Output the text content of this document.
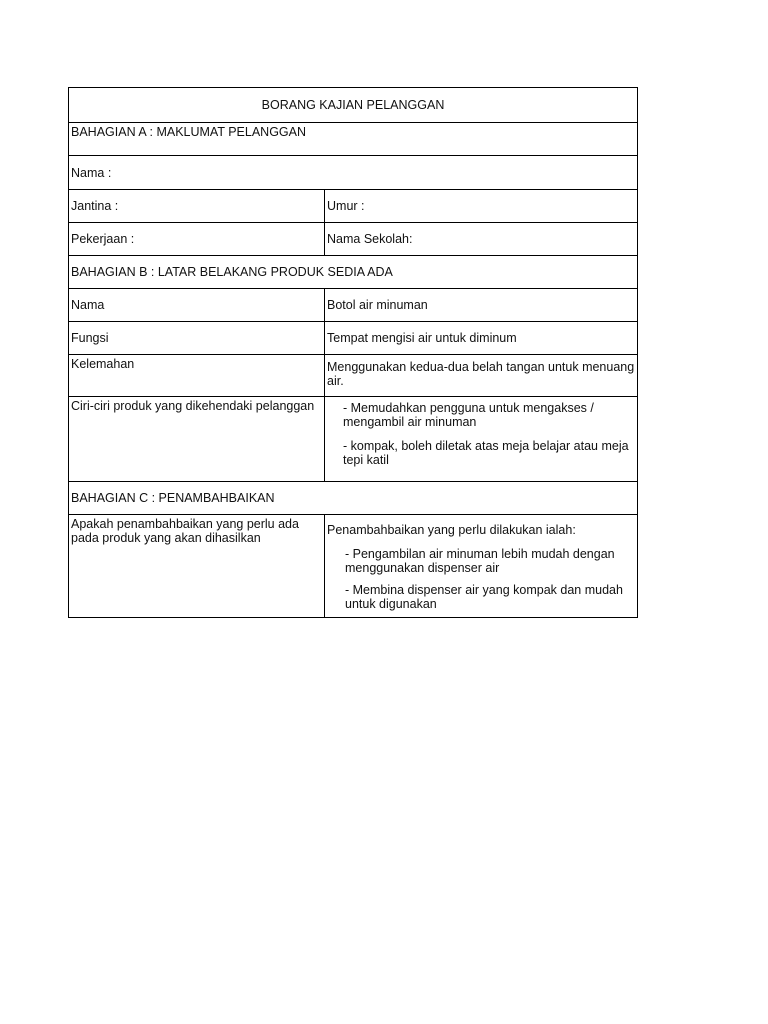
BORANG KAJIAN PELANGGAN	
BAHAGIAN A : MAKLUMAT PELANGGAN	
Nama :	
Jantina :	Umur :
Pekerjaan :	Nama Sekolah:
BAHAGIAN B : LATAR BELAKANG PRODUK SEDIA ADA	
Nama	Botol air minuman
Fungsi	Tempat mengisi air untuk diminum
Kelemahan	Menggunakan kedua-dua belah tangan untuk menuang air.
Ciri-ciri produk yang dikehendaki pelanggan	- Memudahkan pengguna untuk mengakses / mengambil air minuman
- kompak, boleh diletak atas meja belajar atau meja tepi katil

BAHAGIAN C : PENAMBAHBAIKAN	
Apakah penambahbaikan yang perlu ada pada produk yang akan dihasilkan	Penambahbaikan yang perlu dilakukan ialah:
- Pengambilan air minuman lebih mudah dengan menggunakan dispenser air
- Membina dispenser air yang kompak dan mudah untuk digunakan
